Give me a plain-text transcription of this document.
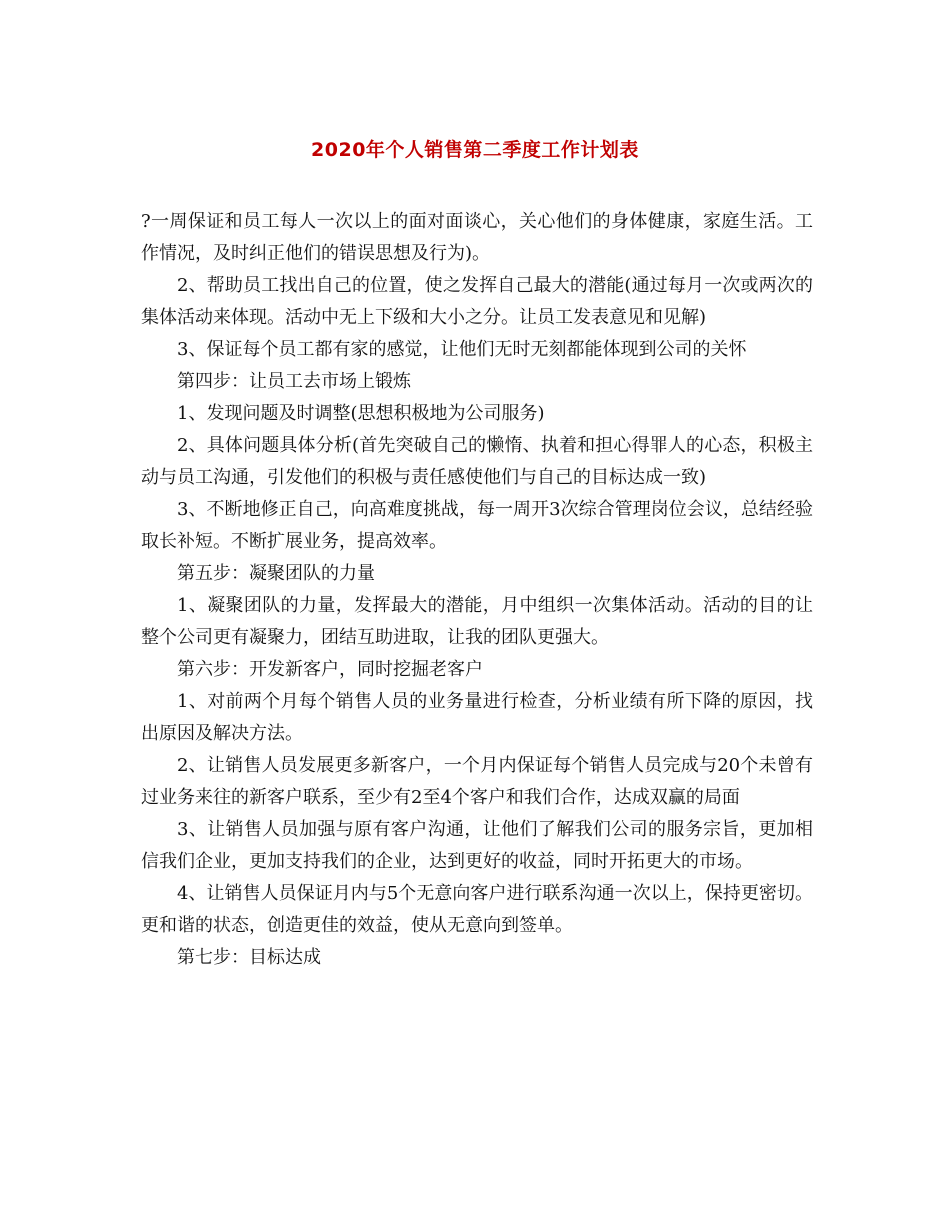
2020年个人销售第二季度工作计划表

?一周保证和员工每人一次以上的面对面谈心，关心他们的身体健康，家庭生活。工作情况，及时纠正他们的错误思想及行为)。

2、帮助员工找出自己的位置，使之发挥自己最大的潜能(通过每月一次或两次的集体活动来体现。活动中无上下级和大小之分。让员工发表意见和见解)

3、保证每个员工都有家的感觉，让他们无时无刻都能体现到公司的关怀

第四步：让员工去市场上锻炼

1、发现问题及时调整(思想积极地为公司服务)

2、具体问题具体分析(首先突破自己的懒惰、执着和担心得罪人的心态，积极主动与员工沟通，引发他们的积极与责任感使他们与自己的目标达成一致)

3、不断地修正自己，向高难度挑战，每一周开3次综合管理岗位会议，总结经验取长补短。不断扩展业务，提高效率。

第五步：凝聚团队的力量

1、凝聚团队的力量，发挥最大的潜能，月中组织一次集体活动。活动的目的让整个公司更有凝聚力，团结互助进取，让我的团队更强大。

第六步：开发新客户，同时挖掘老客户

1、对前两个月每个销售人员的业务量进行检查，分析业绩有所下降的原因，找出原因及解决方法。

2、让销售人员发展更多新客户，一个月内保证每个销售人员完成与20个未曾有过业务来往的新客户联系，至少有2至4个客户和我们合作，达成双赢的局面

3、让销售人员加强与原有客户沟通，让他们了解我们公司的服务宗旨，更加相信我们企业，更加支持我们的企业，达到更好的收益，同时开拓更大的市场。

4、让销售人员保证月内与5个无意向客户进行联系沟通一次以上，保持更密切。更和谐的状态，创造更佳的效益，使从无意向到签单。

第七步：目标达成
